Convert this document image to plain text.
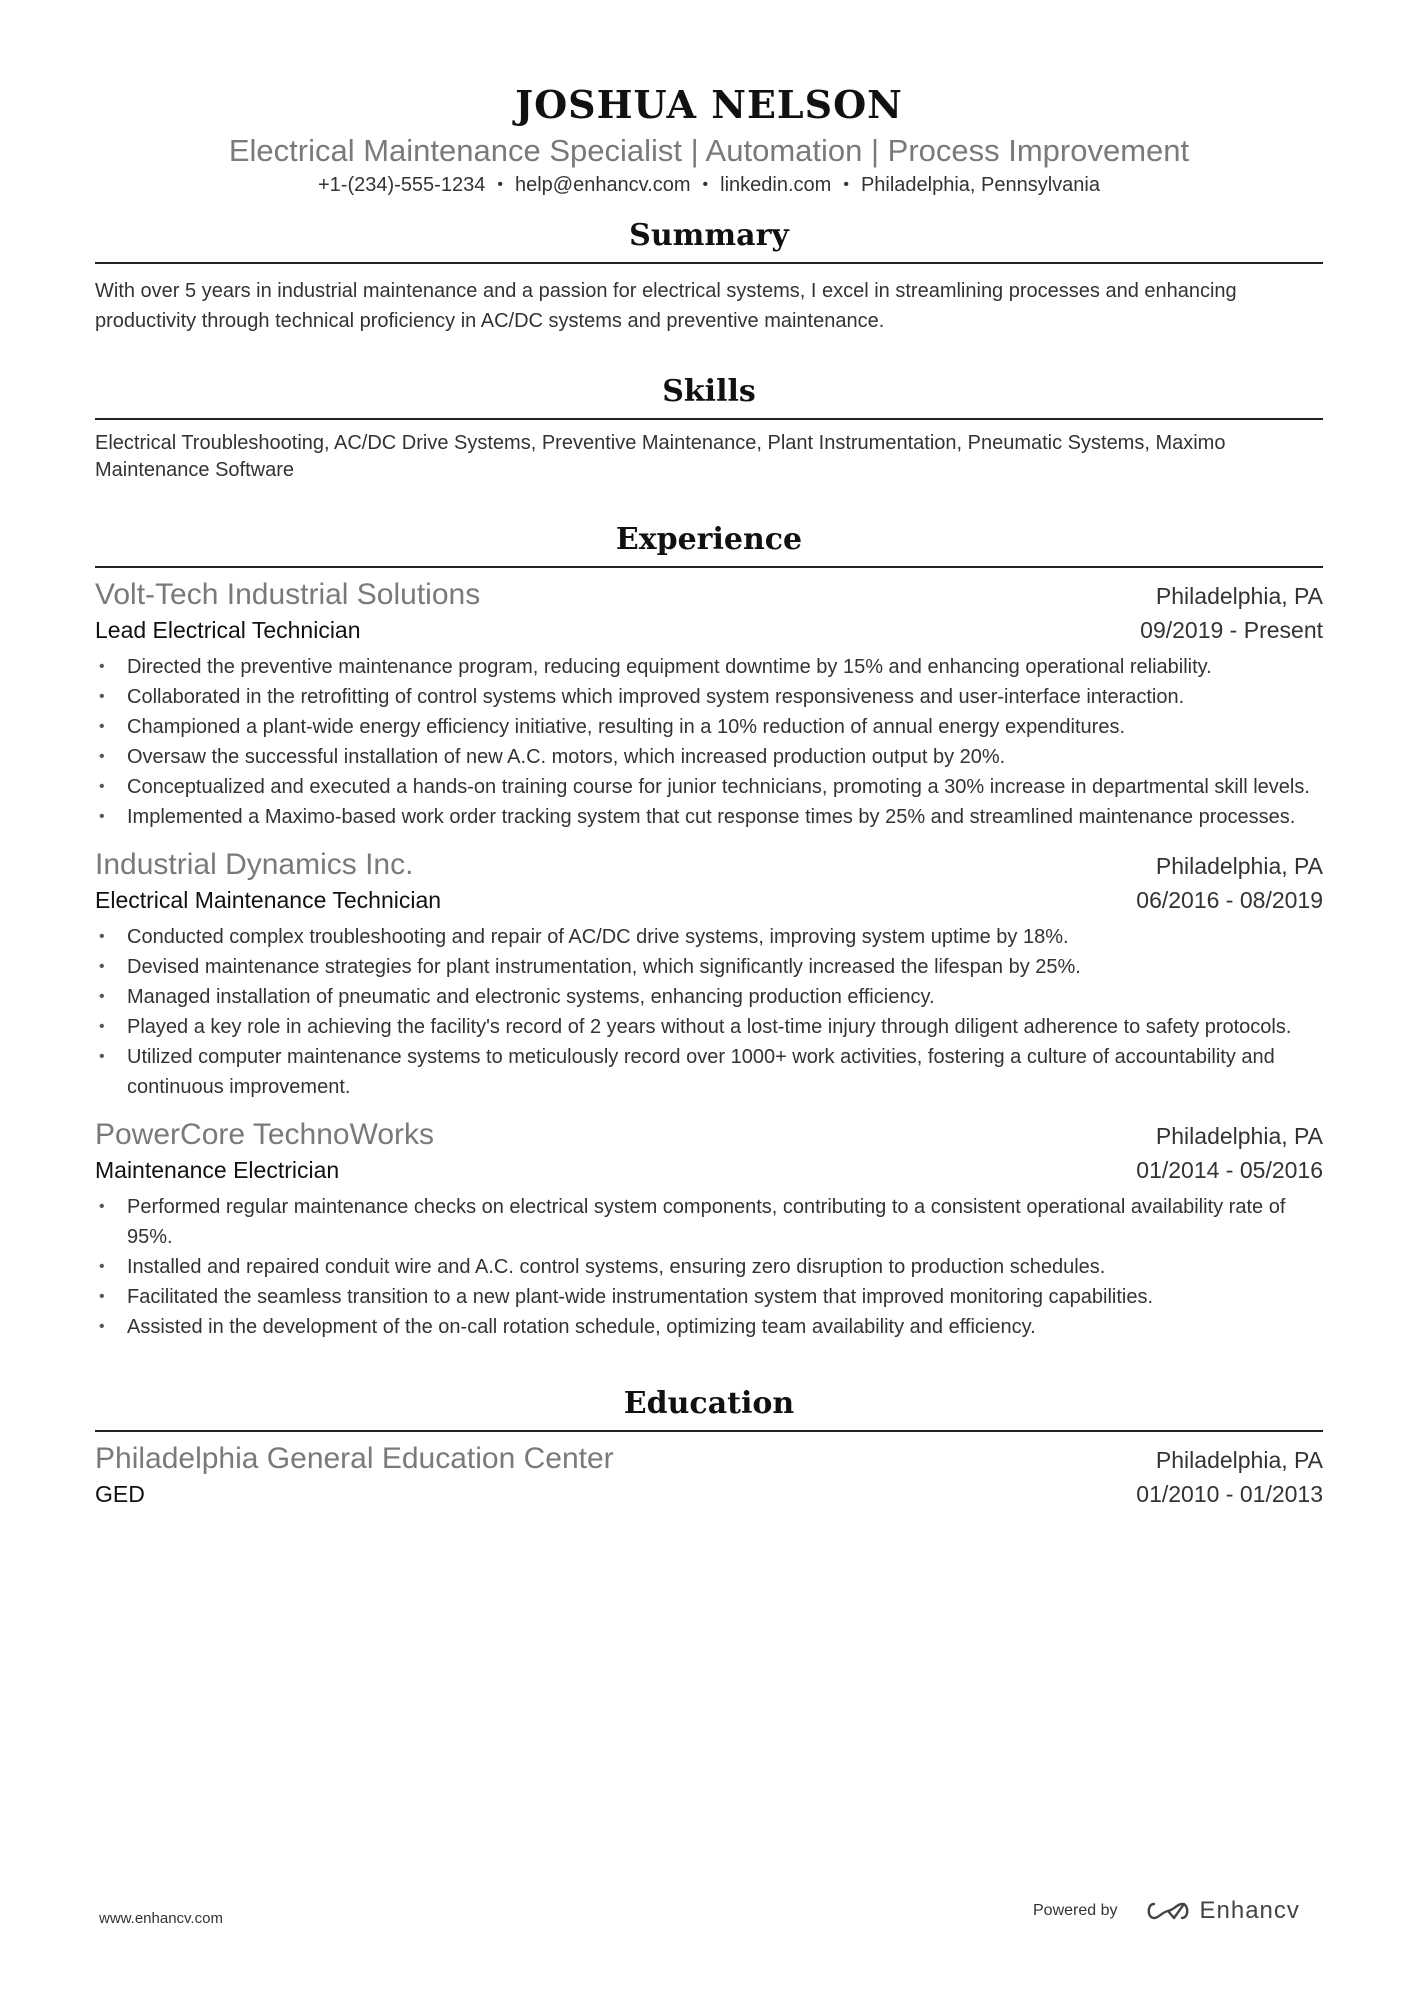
JOSHUA NELSON
Electrical Maintenance Specialist | Automation | Process Improvement
+1-(234)-555-1234 • help@enhancv.com • linkedin.com • Philadelphia, Pennsylvania
Summary
With over 5 years in industrial maintenance and a passion for electrical systems, I excel in streamlining processes and enhancing productivity through technical proficiency in AC/DC systems and preventive maintenance.
Skills
Electrical Troubleshooting, AC/DC Drive Systems, Preventive Maintenance, Plant Instrumentation, Pneumatic Systems, Maximo Maintenance Software
Experience
Volt-Tech Industrial Solutions	Philadelphia, PA
Lead Electrical Technician	09/2019 - Present
• Directed the preventive maintenance program, reducing equipment downtime by 15% and enhancing operational reliability.
• Collaborated in the retrofitting of control systems which improved system responsiveness and user-interface interaction.
• Championed a plant-wide energy efficiency initiative, resulting in a 10% reduction of annual energy expenditures.
• Oversaw the successful installation of new A.C. motors, which increased production output by 20%.
• Conceptualized and executed a hands-on training course for junior technicians, promoting a 30% increase in departmental skill levels.
• Implemented a Maximo-based work order tracking system that cut response times by 25% and streamlined maintenance processes.
Industrial Dynamics Inc.	Philadelphia, PA
Electrical Maintenance Technician	06/2016 - 08/2019
• Conducted complex troubleshooting and repair of AC/DC drive systems, improving system uptime by 18%.
• Devised maintenance strategies for plant instrumentation, which significantly increased the lifespan by 25%.
• Managed installation of pneumatic and electronic systems, enhancing production efficiency.
• Played a key role in achieving the facility's record of 2 years without a lost-time injury through diligent adherence to safety protocols.
• Utilized computer maintenance systems to meticulously record over 1000+ work activities, fostering a culture of accountability and continuous improvement.
PowerCore TechnoWorks	Philadelphia, PA
Maintenance Electrician	01/2014 - 05/2016
• Performed regular maintenance checks on electrical system components, contributing to a consistent operational availability rate of 95%.
• Installed and repaired conduit wire and A.C. control systems, ensuring zero disruption to production schedules.
• Facilitated the seamless transition to a new plant-wide instrumentation system that improved monitoring capabilities.
• Assisted in the development of the on-call rotation schedule, optimizing team availability and efficiency.
Education
Philadelphia General Education Center	Philadelphia, PA
GED	01/2010 - 01/2013
www.enhancv.com	Powered by	Enhancv
